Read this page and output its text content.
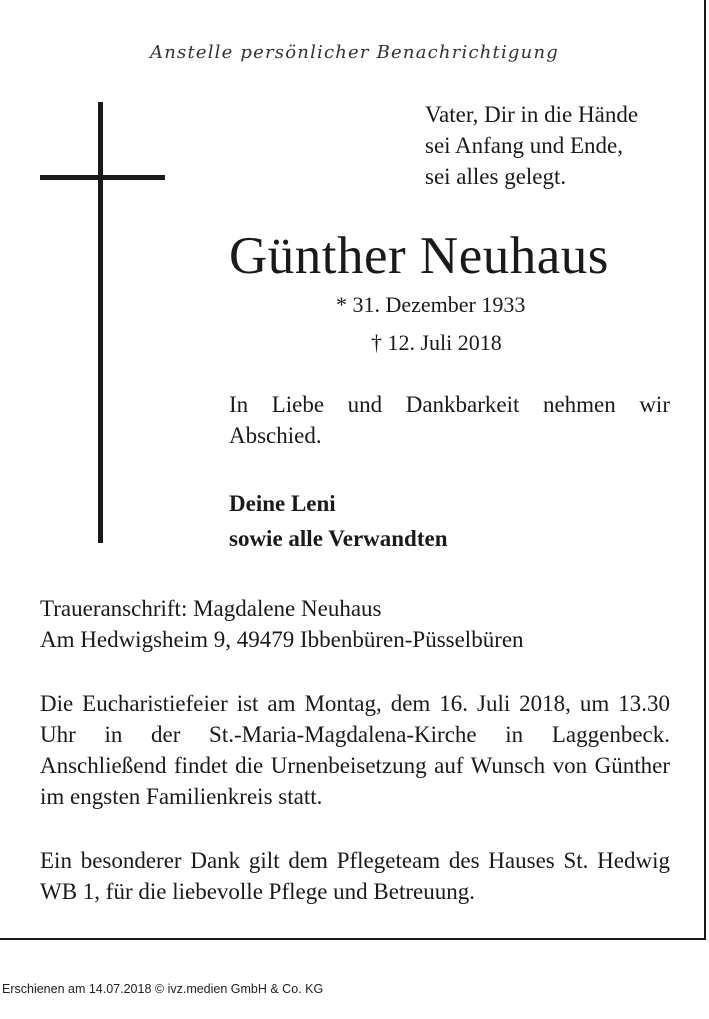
Anstelle persönlicher Benachrichtigung
Vater, Dir in die Hände
sei Anfang und Ende,
sei alles gelegt.
Günther Neuhaus
* 31. Dezember 1933
† 12. Juli 2018
In Liebe und Dankbarkeit nehmen wir Abschied.
Deine Leni
sowie alle Verwandten
Traueranschrift: Magdalene Neuhaus
Am Hedwigsheim 9, 49479 Ibbenbüren-Püsselbüren
Die Eucharistiefeier ist am Montag, dem 16. Juli 2018, um 13.30 Uhr in der St.-Maria-Magdalena-Kirche in Laggenbeck. Anschließend findet die Urnenbeisetzung auf Wunsch von Günther im engsten Familienkreis statt.
Ein besonderer Dank gilt dem Pflegeteam des Hauses St. Hedwig WB 1, für die liebevolle Pflege und Betreuung.
Erschienen am 14.07.2018 © ivz.medien GmbH & Co. KG
